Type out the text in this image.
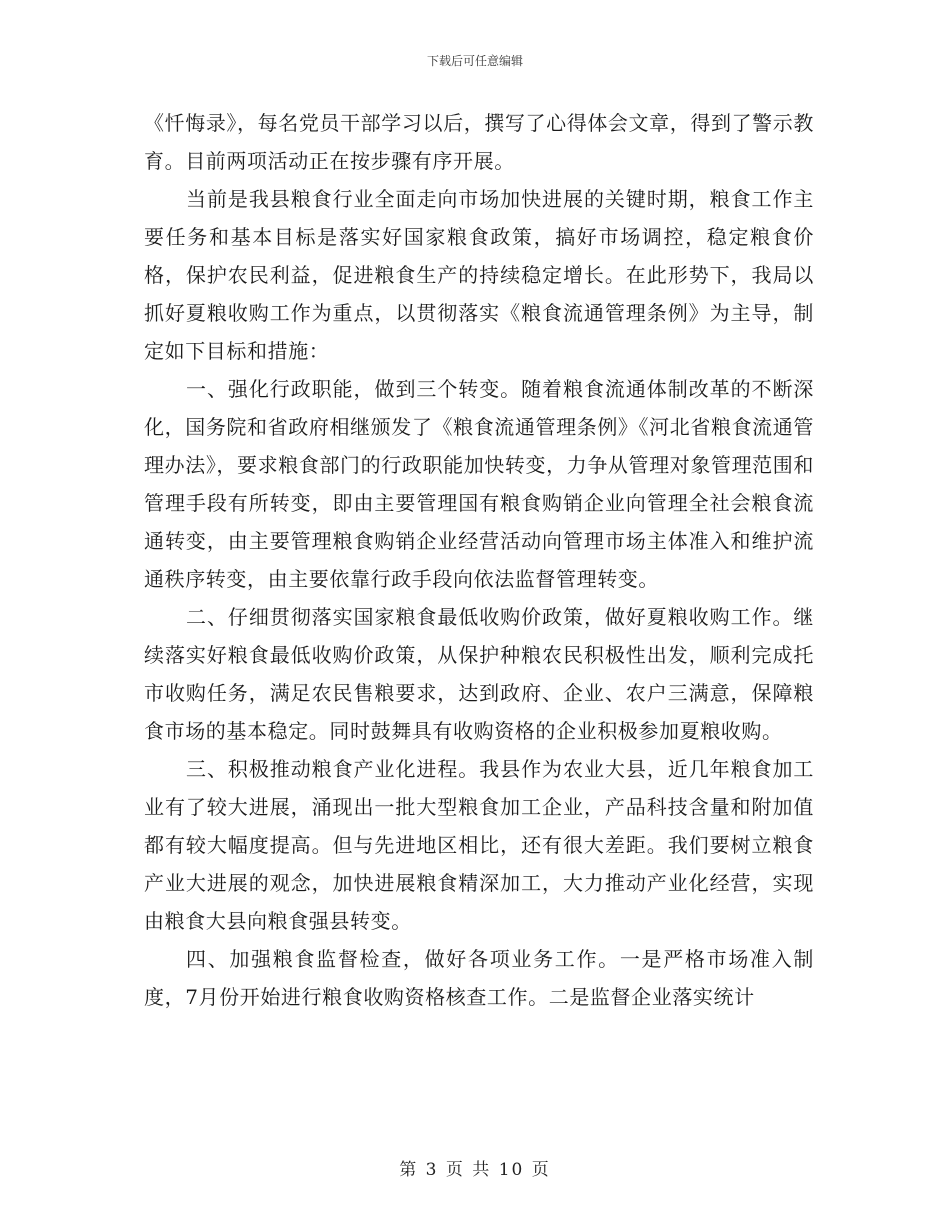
下载后可任意编辑

《忏悔录》，每名党员干部学习以后，撰写了心得体会文章，得到了警示教育。目前两项活动正在按步骤有序开展。

当前是我县粮食行业全面走向市场加快进展的关键时期，粮食工作主要任务和基本目标是落实好国家粮食政策，搞好市场调控，稳定粮食价格，保护农民利益，促进粮食生产的持续稳定增长。在此形势下，我局以抓好夏粮收购工作为重点，以贯彻落实《粮食流通管理条例》为主导，制定如下目标和措施：

一、强化行政职能，做到三个转变。随着粮食流通体制改革的不断深化，国务院和省政府相继颁发了《粮食流通管理条例》《河北省粮食流通管理办法》，要求粮食部门的行政职能加快转变，力争从管理对象管理范围和管理手段有所转变，即由主要管理国有粮食购销企业向管理全社会粮食流通转变，由主要管理粮食购销企业经营活动向管理市场主体准入和维护流通秩序转变，由主要依靠行政手段向依法监督管理转变。

二、仔细贯彻落实国家粮食最低收购价政策，做好夏粮收购工作。继续落实好粮食最低收购价政策，从保护种粮农民积极性出发，顺利完成托市收购任务，满足农民售粮要求，达到政府、企业、农户三满意，保障粮食市场的基本稳定。同时鼓舞具有收购资格的企业积极参加夏粮收购。

三、积极推动粮食产业化进程。我县作为农业大县，近几年粮食加工业有了较大进展，涌现出一批大型粮食加工企业，产品科技含量和附加值都有较大幅度提高。但与先进地区相比，还有很大差距。我们要树立粮食产业大进展的观念，加快进展粮食精深加工，大力推动产业化经营，实现由粮食大县向粮食强县转变。

四、加强粮食监督检查，做好各项业务工作。一是严格市场准入制度，7月份开始进行粮食收购资格核查工作。二是监督企业落实统计

第 3 页 共 10 页
